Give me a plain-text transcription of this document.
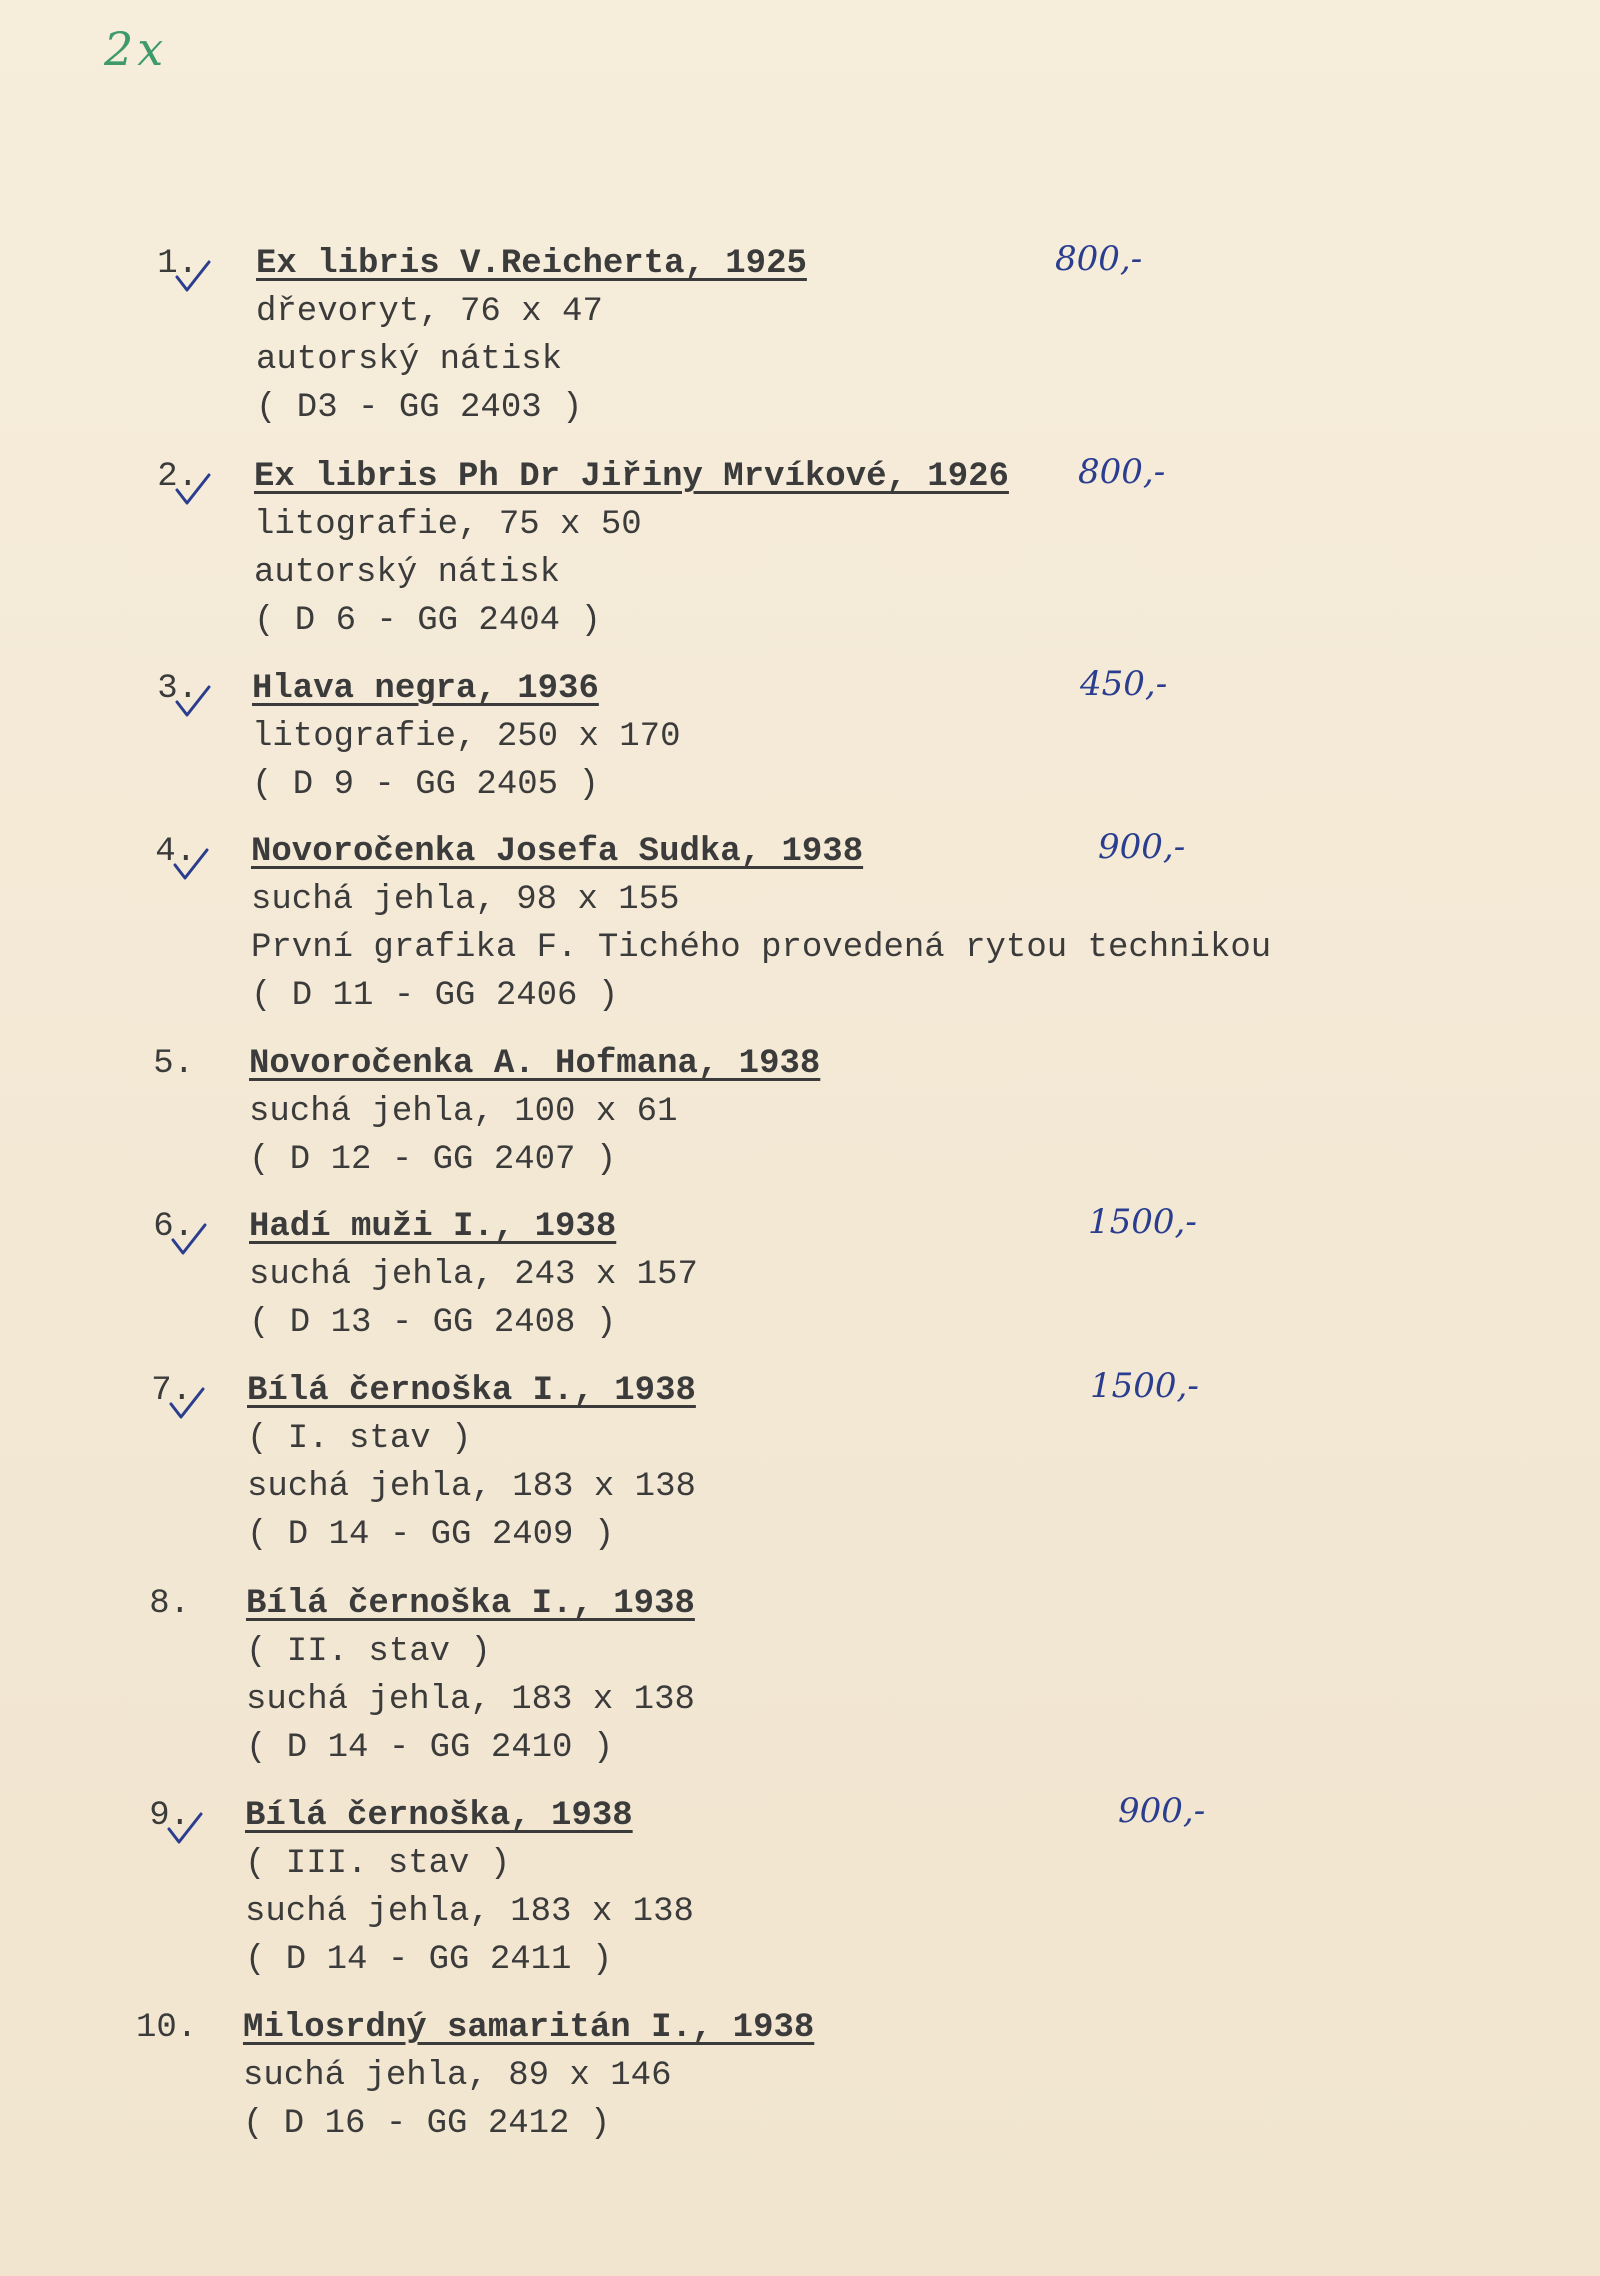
2x
1. Ex libris V.Reicherta, 1925
dřevoryt, 76 x 47
autorský nátisk
( D3 - GG 2403 )
800,-
2. Ex libris Ph Dr Jiřiny Mrvíkové, 1926
litografie, 75 x 50
autorský nátisk
( D 6 - GG 2404 )
800,-
3. Hlava negra, 1936
litografie, 250 x 170
( D 9 - GG 2405 )
450,-
4. Novoročenka Josefa Sudka, 1938
suchá jehla, 98 x 155
První grafika F. Tichého provedená rytou technikou
( D 11 - GG 2406 )
900,-
5. Novoročenka A. Hofmana, 1938
suchá jehla, 100 x 61
( D 12 - GG 2407 )
6. Hadí muži I., 1938
suchá jehla, 243 x 157
( D 13 - GG 2408 )
1500,-
7. Bílá černoška I., 1938
( I. stav )
suchá jehla, 183 x 138
( D 14 - GG 2409 )
1500,-
8. Bílá černoška I., 1938
( II. stav )
suchá jehla, 183 x 138
( D 14 - GG 2410 )
9. Bílá černoška, 1938
( III. stav )
suchá jehla, 183 x 138
( D 14 - GG 2411 )
900,-
10. Milosrdný samaritán I., 1938
suchá jehla, 89 x 146
( D 16 - GG 2412 )
